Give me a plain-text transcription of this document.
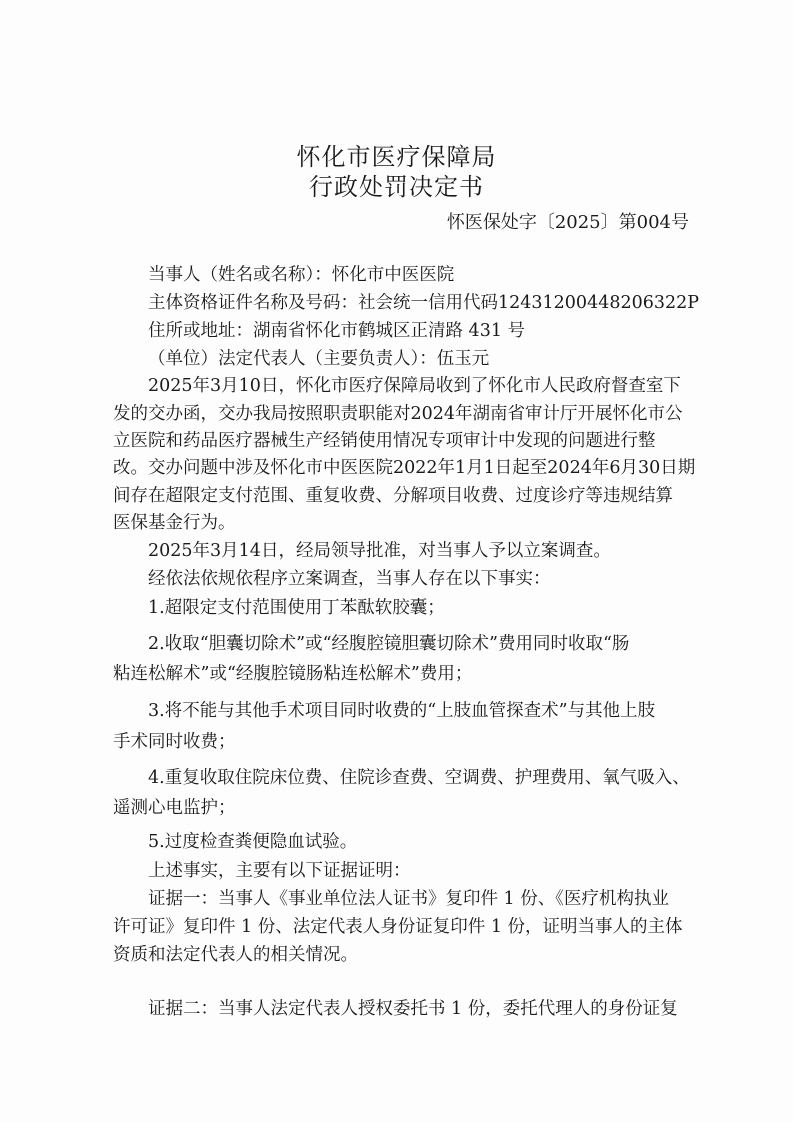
怀化市医疗保障局
行政处罚决定书
怀医保处字〔2025〕第004号
当事人（姓名或名称）：怀化市中医医院
主体资格证件名称及号码：社会统一信用代码12431200448206322P
住所或地址：湖南省怀化市鹤城区正清路 431 号
（单位）法定代表人（主要负责人）：伍玉元
2025年3月10日，怀化市医疗保障局收到了怀化市人民政府督查室下
发的交办函，交办我局按照职责职能对2024年湖南省审计厅开展怀化市公
立医院和药品医疗器械生产经销使用情况专项审计中发现的问题进行整
改。交办问题中涉及怀化市中医医院2022年1月1日起至2024年6月30日期
间存在超限定支付范围、重复收费、分解项目收费、过度诊疗等违规结算
医保基金行为。
2025年3月14日，经局领导批准，对当事人予以立案调查。
经依法依规依程序立案调查，当事人存在以下事实：
1.超限定支付范围使用丁苯酞软胶囊；
2.收取“胆囊切除术”或“经腹腔镜胆囊切除术”费用同时收取“肠
粘连松解术”或“经腹腔镜肠粘连松解术”费用；
3.将不能与其他手术项目同时收费的“上肢血管探查术”与其他上肢
手术同时收费；
4.重复收取住院床位费、住院诊查费、空调费、护理费用、氧气吸入、
遥测心电监护；
5.过度检查粪便隐血试验。
上述事实，主要有以下证据证明：
证据一：当事人《事业单位法人证书》复印件 1 份、《医疗机构执业
许可证》复印件 1 份、法定代表人身份证复印件 1 份，证明当事人的主体
资质和法定代表人的相关情况。
证据二：当事人法定代表人授权委托书 1 份，委托代理人的身份证复
